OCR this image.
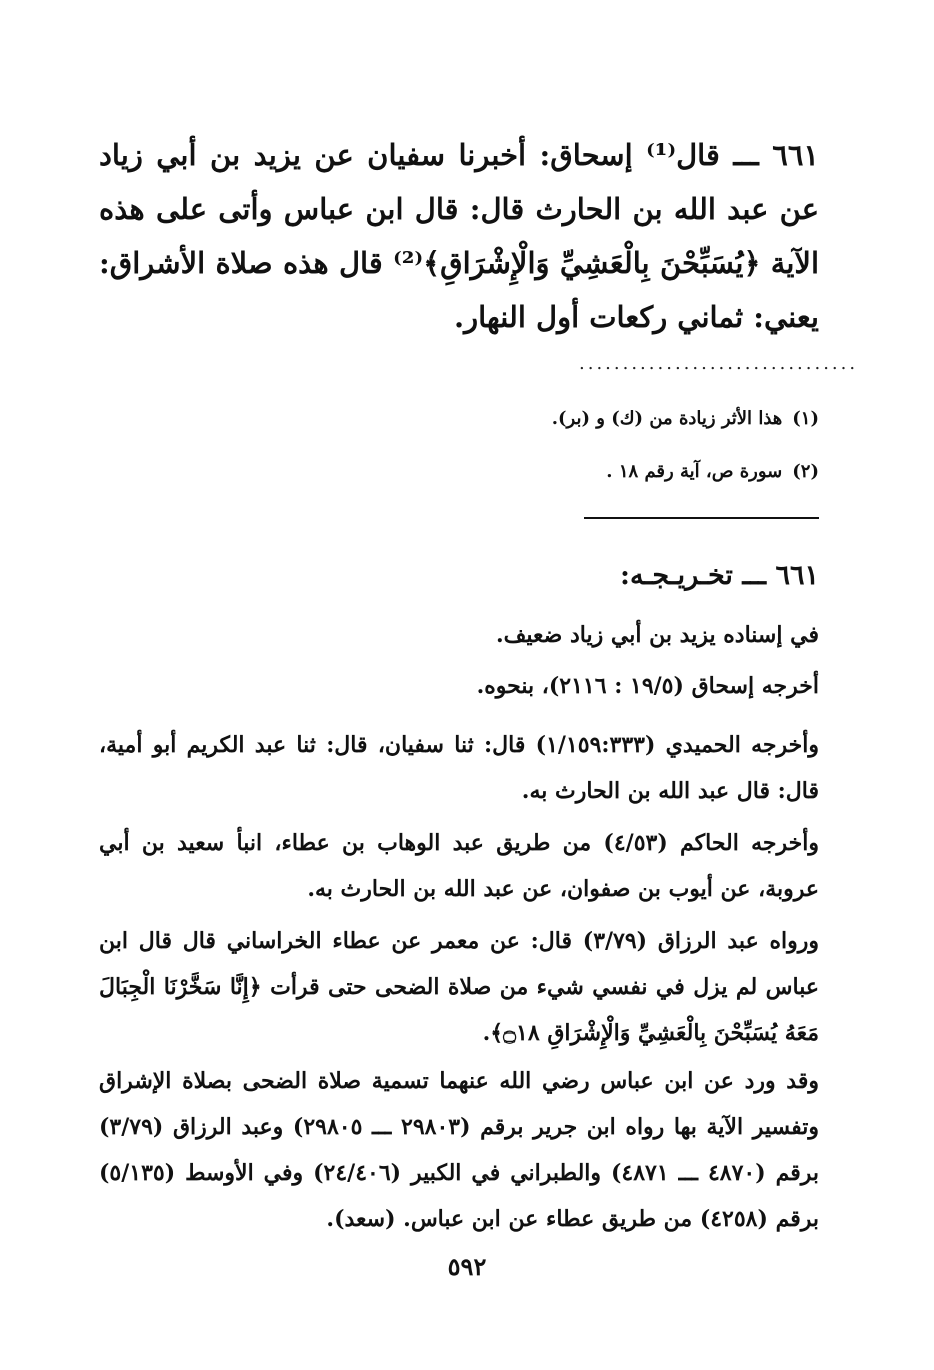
٦٦١ ـــ قال⁽¹⁾ إسحاق: أخبرنا سفيان عن يزيد بن أبي زياد عن عبد الله بن الحارث قال: قال ابن عباس وأتى على هذه الآية ﴿يُسَبِّحْنَ بِالْعَشِيِّ وَالْإِشْرَاقِ﴾⁽²⁾ قال هذه صلاة الأشراق: يعني: ثماني ركعات أول النهار.

................................
(١)هذا الأثر زيادة من (ك) و (بر).
(٢)سورة ص، آية رقم ١٨ .
٦٦١ ـــ تخـريـجـه:
في إسناده يزيد بن أبي زياد ضعيف.
أخرجه إسحاق (١٩/٥ : ٢١١٦)، بنحوه.
وأخرجه الحميدي (١/١٥٩:٣٣٣) قال: ثنا سفيان، قال: ثنا عبد الكريم أبو أمية، قال: قال عبد الله بن الحارث به.
وأخرجه الحاكم (٤/٥٣) من طريق عبد الوهاب بن عطاء، انبأ سعيد بن أبي عروبة، عن أيوب بن صفوان، عن عبد الله بن الحارث به.
ورواه عبد الرزاق (٣/٧٩) قال: عن معمر عن عطاء الخراساني قال قال ابن عباس لم يزل في نفسي شيء من صلاة الضحى حتى قرأت ﴿إِنَّا سَخَّرْنَا الْجِبَالَ مَعَهُ يُسَبِّحْنَ بِالْعَشِيِّ وَالْإِشْرَاقِ ۝١٨﴾.
وقد ورد عن ابن عباس رضي الله عنهما تسمية صلاة الضحى بصلاة الإشراق وتفسير الآية بها رواه ابن جرير برقم (٢٩٨٠٣ ـــ ٢٩٨٠٥) وعبد الرزاق (٣/٧٩) برقم (٤٨٧٠ ـــ ٤٨٧١) والطبراني في الكبير (٢٤/٤٠٦) وفي الأوسط (٥/١٣٥) برقم (٤٢٥٨) من طريق عطاء عن ابن عباس. (سعد).
٥٩٢
